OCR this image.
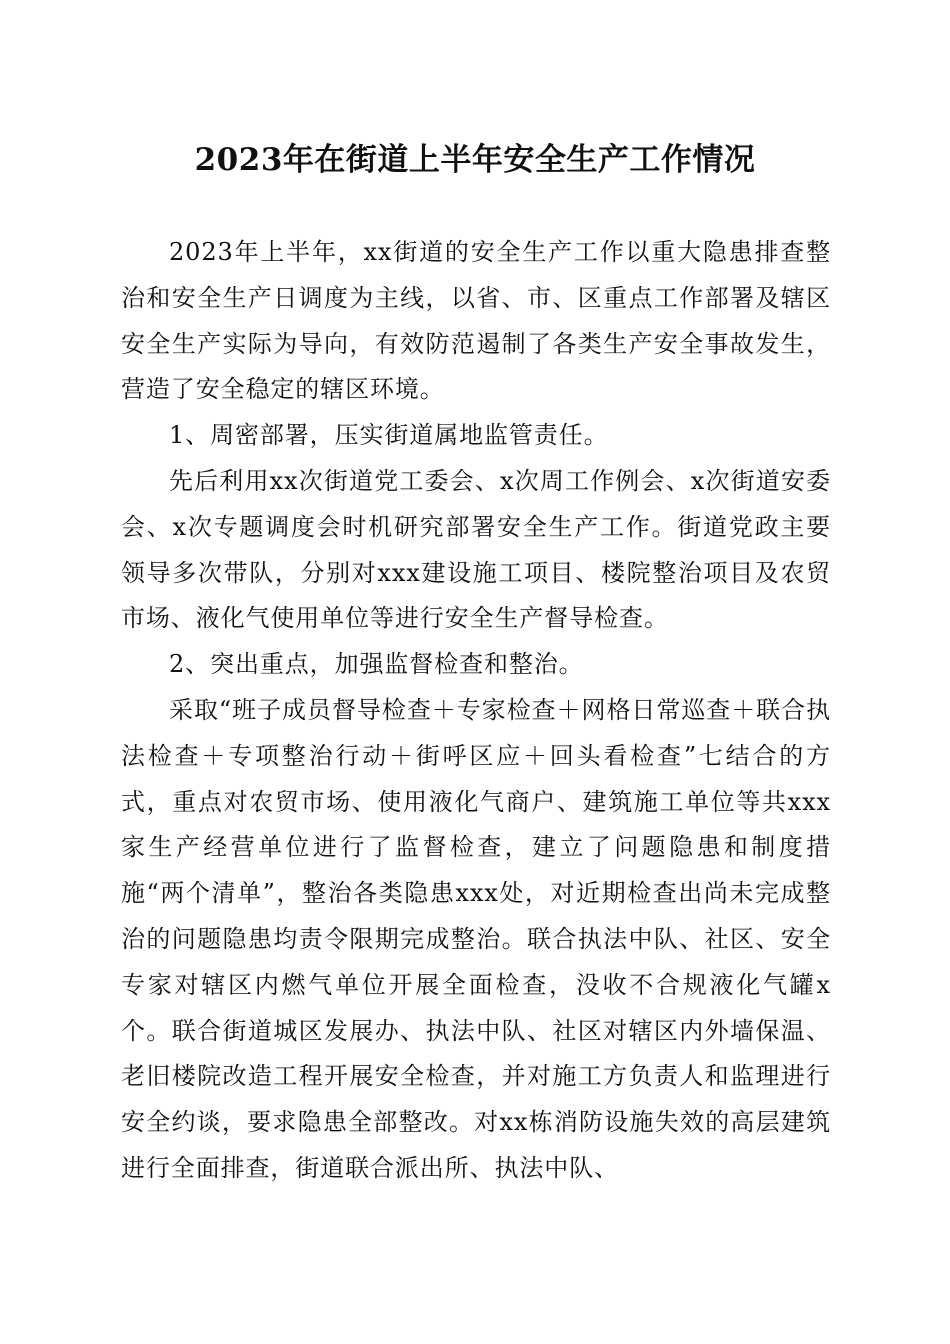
2023年在街道上半年安全生产工作情况

2023年上半年，xx街道的安全生产工作以重大隐患排查整治和安全生产日调度为主线，以省、市、区重点工作部署及辖区安全生产实际为导向，有效防范遏制了各类生产安全事故发生，营造了安全稳定的辖区环境。

1、周密部署，压实街道属地监管责任。

先后利用xx次街道党工委会、x次周工作例会、x次街道安委会、x次专题调度会时机研究部署安全生产工作。街道党政主要领导多次带队，分别对xxx建设施工项目、楼院整治项目及农贸市场、液化气使用单位等进行安全生产督导检查。

2、突出重点，加强监督检查和整治。

采取“班子成员督导检查＋专家检查＋网格日常巡查＋联合执法检查＋专项整治行动＋街呼区应＋回头看检查”七结合的方式，重点对农贸市场、使用液化气商户、建筑施工单位等共xxx家生产经营单位进行了监督检查，建立了问题隐患和制度措施“两个清单”，整治各类隐患xxx处，对近期检查出尚未完成整治的问题隐患均责令限期完成整治。联合执法中队、社区、安全专家对辖区内燃气单位开展全面检查，没收不合规液化气罐x个。联合街道城区发展办、执法中队、社区对辖区内外墙保温、老旧楼院改造工程开展安全检查，并对施工方负责人和监理进行安全约谈，要求隐患全部整改。对xx栋消防设施失效的高层建筑进行全面排查，街道联合派出所、执法中队、
